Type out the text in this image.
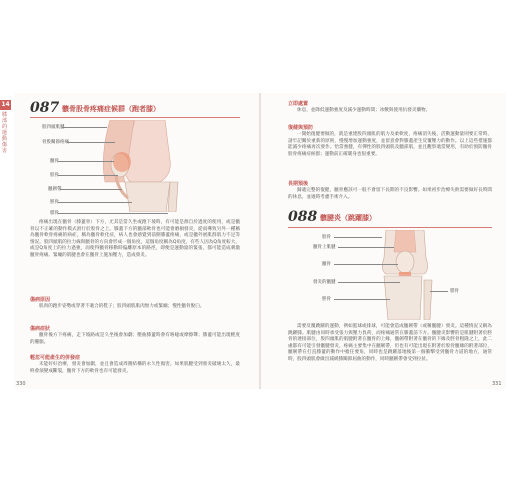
14
膝部的運動傷害
087 髕骨股骨疼痛症候群（跑者膝）
股四頭肌腱
骨股關節疼痛
髕骨
股骨
髕韌帶
脛骨
腓骨

疼痛出現在髕骨（膝蓋骨）下方，尤其是當久坐或跑下坡時，有可能是源自於過度的使用，或是髕骨以不正確的動作模式滑行於股骨之上。膝蓋下方的髕部軟骨也可能會磨損發炎，從而導致另外一種稱為髕骨軟骨疼痛的病症，稱為髕骨軟化症，病人也會感覺到前側膝蓋疼痛，或是髖外展肌群肌力不足等情況。股四頭肌的拉力線與髕骨的方向會形成一個角度，這個角度稱為Q角度，有些人因為Q角度較大，或是Q角度上的拉力過強，而使得髕骨移動時偏離原本的路徑，即便是運動量的緊張，都可能造成刺激髕骨疼痛。緊繃的肌腱也會在髕骨上施加壓力，造成發炎。

傷病原因

肌肉的跑步姿勢或穿著不適合的鞋子；股四頭肌肌肉無力或緊繃；慢性髕骨脫臼。

傷病症狀

髕骨後方下疼痛，走下坡路或是久坐後會加劇；壓曲膝蓋時會有咯噠或摩擦聲；膝蓋可能出現輕度的腫脹。

輕忽可能產生的併發症

未能好好治療，發炎會加劇，並且會造成周圍結構的永久性傷害。如果肌腱受到發炎破壞太久，最終會演變成斷裂，髕骨下方的軟骨也有可能發炎。

330
立即處置

休息，並降低運動強度及減少運動時間；冰敷與使用抗發炎藥物。

復健與預防

一開始復健要做的，就是重建股四頭肌的肌力及柔軟度，疼痛消失後，活動運動量則要正常時，請牢記關於重新的原則，慢慢增加運動強度，並留意會對膝蓋產生反覆壓力的動作。以上這些措施都能減少疼痛再次發作。恰當強健，有彈性的股四頭肌及髖部肌，並且觀察適當變用，有助於預防髕骨股骨疼痛症候群；運動前正確暖身也很重要。

長期預後

歸適完整的復健，髕骨應該可一般不會留下長期的不良影響。如果初步治療失敗需要做好長時間的休息，並適時考慮手術介入。

088 髕腱炎（跳躍膝）
股骨
髕骨上肌腱
髕骨
發炎的髕腱
脛骨
腓骨

需要反覆跳躍的運動，例如籃球或排球，可能會造成髕韌帶（或稱髕腱）發炎。這種情況又稱為跳躍膝。肌腱由同時承受張力與壓力負荷，而疼痛通常在膝蓋前下方。髕腱炎影響的是肌腱附著於脛骨的連接部位，股四頭肌的肌腱附著在髕骨的上緣，髕韌帶附著在髕骨的下緣及脛骨粗隆之上，此二處都有可能引發髕腱發炎，疼痛主要集中在髕韌帶，但也有可能出現在附著於股骨髕緣的附著部位，髕韌帶在打直膝蓋的動作中擔任要角，同時也是跳躍落地後第一個衝擊受到髕骨力道的地方，通常時，股四頭肌會做出減緩膝關節屈曲的動作，同時髕韌帶會受到拉扯。

331
